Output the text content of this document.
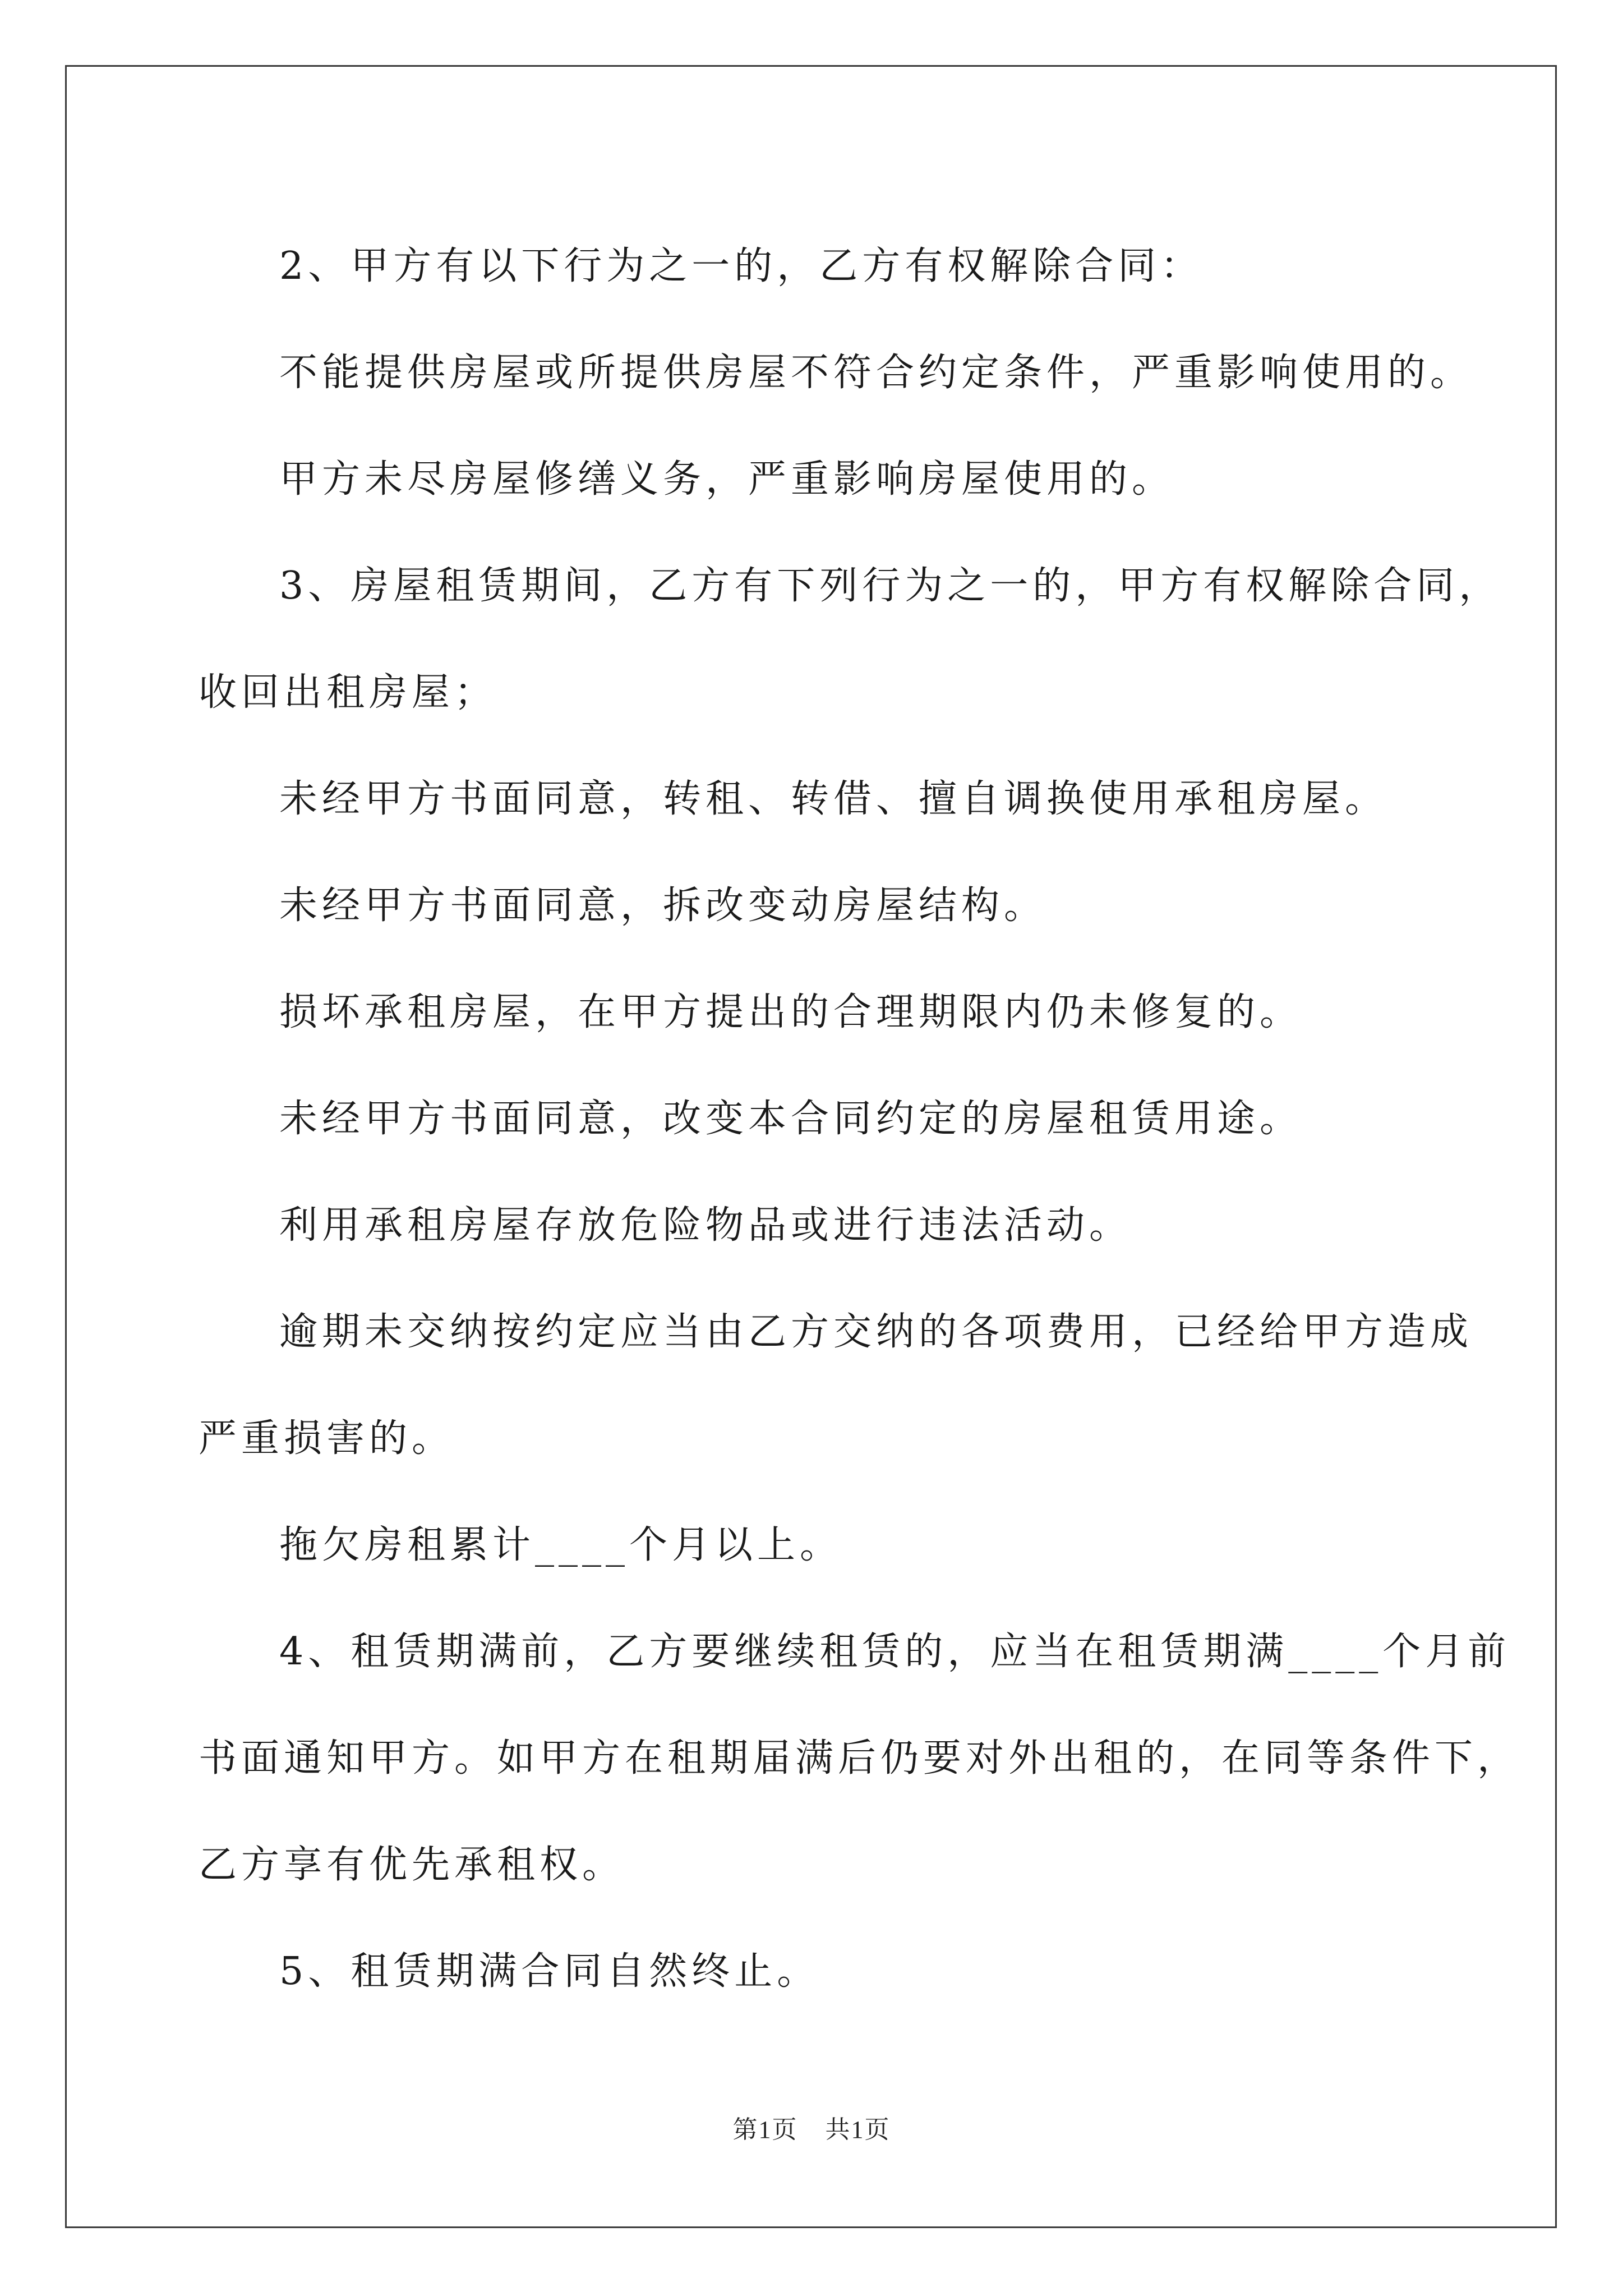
2、甲方有以下行为之一的，乙方有权解除合同：

不能提供房屋或所提供房屋不符合约定条件，严重影响使用的。

甲方未尽房屋修缮义务，严重影响房屋使用的。

3、房屋租赁期间，乙方有下列行为之一的，甲方有权解除合同，

收回出租房屋；

未经甲方书面同意，转租、转借、擅自调换使用承租房屋。

未经甲方书面同意，拆改变动房屋结构。

损坏承租房屋，在甲方提出的合理期限内仍未修复的。

未经甲方书面同意，改变本合同约定的房屋租赁用途。

利用承租房屋存放危险物品或进行违法活动。

逾期未交纳按约定应当由乙方交纳的各项费用，已经给甲方造成

严重损害的。

拖欠房租累计____个月以上。

4、租赁期满前，乙方要继续租赁的，应当在租赁期满____个月前

书面通知甲方。如甲方在租期届满后仍要对外出租的，在同等条件下，

乙方享有优先承租权。

5、租赁期满合同自然终止。

第1页 共1页
